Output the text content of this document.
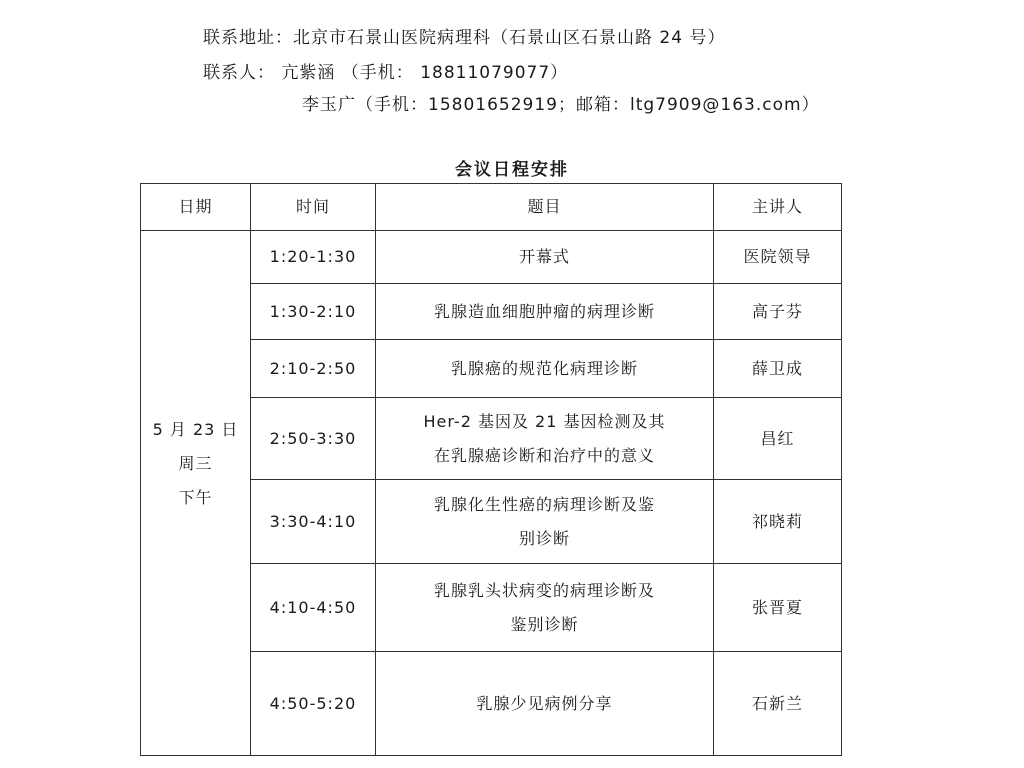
联系地址：北京市石景山医院病理科（石景山区石景山路 24 号）
联系人： 亢紫涵 （手机： 18811079077）
李玉广（手机：15801652919；邮箱：ltg7909@163.com）
会议日程安排
日期	时间	题目	主讲人

5 月 23 日
周三
下午	1:20-1:30	开幕式	医院领导
	1:30-2:10	乳腺造血细胞肿瘤的病理诊断	高子芬
	2:10-2:50	乳腺癌的规范化病理诊断	薛卫成
	2:50-3:30	Her-2 基因及 21 基因检测及其
在乳腺癌诊断和治疗中的意义	昌红
	3:30-4:10	乳腺化生性癌的病理诊断及鉴
别诊断	祁晓莉
	4:10-4:50	乳腺乳头状病变的病理诊断及
鉴别诊断	张晋夏
	4:50-5:20	乳腺少见病例分享	石新兰
